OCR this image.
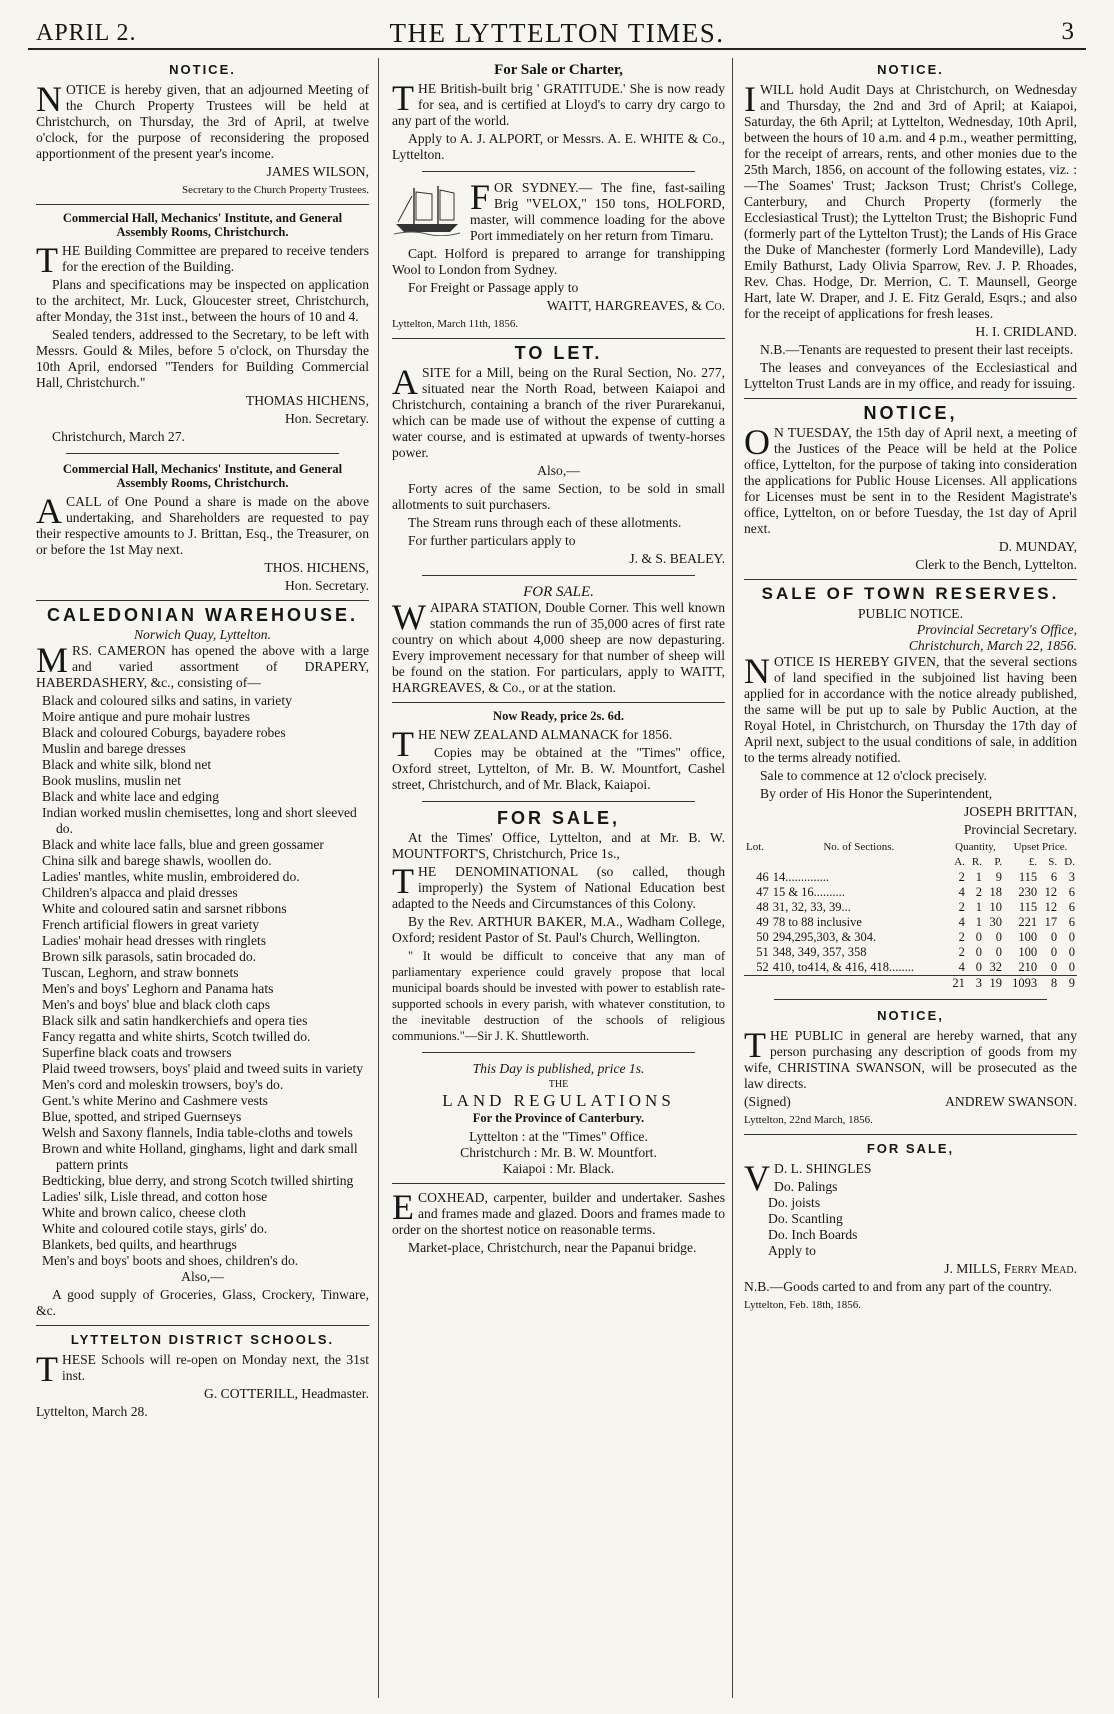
APRIL 2.	THE LYTTELTON TIMES.	3
NOTICE.

NOTICE is hereby given, that an adjourned Meeting of the Church Property Trustees will be held at Christchurch, on Thursday, the 3rd of April, at twelve o'clock, for the purpose of reconsidering the proposed apportionment of the present year's income.

JAMES WILSON,

Secretary to the Church Property Trustees.

Commercial Hall, Mechanics' Institute, and General Assembly Rooms, Christchurch.

THE Building Committee are prepared to receive tenders for the erection of the Building.

Plans and specifications may be inspected on application to the architect, Mr. Luck, Gloucester street, Christchurch, after Monday, the 31st inst., between the hours of 10 and 4.

Sealed tenders, addressed to the Secretary, to be left with Messrs. Gould & Miles, before 5 o'clock, on Thursday the 10th April, endorsed "Tenders for Building Commercial Hall, Christchurch."

THOMAS HICHENS,

Hon. Secretary.

Christchurch, March 27.

Commercial Hall, Mechanics' Institute, and General Assembly Rooms, Christchurch.

ACALL of One Pound a share is made on the above undertaking, and Shareholders are requested to pay their respective amounts to J. Brittan, Esq., the Treasurer, on or before the 1st May next.

THOS. HICHENS,

Hon. Secretary.

CALEDONIAN WAREHOUSE.
Norwich Quay, Lyttelton.

MRS. CAMERON has opened the above with a large and varied assortment of DRAPERY, HABERDASHERY, &c., consisting of—

Black and coloured silks and satins, in variety
Moire antique and pure mohair lustres
Black and coloured Coburgs, bayadere robes
Muslin and barege dresses
Black and white silk, blond net
Book muslins, muslin net
Black and white lace and edging
Indian worked muslin chemisettes, long and short sleeved do.
Black and white lace falls, blue and green gossamer
China silk and barege shawls, woollen do.
Ladies' mantles, white muslin, embroidered do.
Children's alpacca and plaid dresses
White and coloured satin and sarsnet ribbons
French artificial flowers in great variety
Ladies' mohair head dresses with ringlets
Brown silk parasols, satin brocaded do.
Tuscan, Leghorn, and straw bonnets
Men's and boys' Leghorn and Panama hats
Men's and boys' blue and black cloth caps
Black silk and satin handkerchiefs and opera ties
Fancy regatta and white shirts, Scotch twilled do.
Superfine black coats and trowsers
Plaid tweed trowsers, boys' plaid and tweed suits in variety
Men's cord and moleskin trowsers, boy's do.
Gent.'s white Merino and Cashmere vests
Blue, spotted, and striped Guernseys
Welsh and Saxony flannels, India table-cloths and towels
Brown and white Holland, ginghams, light and dark small pattern prints
Bedticking, blue derry, and strong Scotch twilled shirting
Ladies' silk, Lisle thread, and cotton hose
White and brown calico, cheese cloth
White and coloured cotile stays, girls' do.
Blankets, bed quilts, and hearthrugs
Men's and boys' boots and shoes, children's do.

Also,—

A good supply of Groceries, Glass, Crockery, Tinware, &c.

LYTTELTON DISTRICT SCHOOLS.

THESE Schools will re-open on Monday next, the 31st inst.

G. COTTERILL, Headmaster.

Lyttelton, March 28.

For Sale or Charter,

THE British-built brig ' GRATITUDE.' She is now ready for sea, and is certified at Lloyd's to carry dry cargo to any part of the world.

Apply to A. J. ALPORT, or Messrs. A. E. WHITE & Co., Lyttelton.

FOR SYDNEY.— The fine, fast-sailing Brig "VELOX," 150 tons, HOLFORD, master, will commence loading for the above Port immediately on her return from Timaru.

Capt. Holford is prepared to arrange for transhipping Wool to London from Sydney.

For Freight or Passage apply to

WAITT, HARGREAVES, & Co.

Lyttelton, March 11th, 1856.

TO LET.

ASITE for a Mill, being on the Rural Section, No. 277, situated near the North Road, between Kaiapoi and Christchurch, containing a branch of the river Purarekanui, which can be made use of without the expense of cutting a water course, and is estimated at upwards of twenty-horses power.

Also,—

Forty acres of the same Section, to be sold in small allotments to suit purchasers.

The Stream runs through each of these allotments.

For further particulars apply to

J. & S. BEALEY.

FOR SALE.

WAIPARA STATION, Double Corner. This well known station commands the run of 35,000 acres of first rate country on which about 4,000 sheep are now depasturing. Every improvement necessary for that number of sheep will be found on the station. For particulars, apply to WAITT, HARGREAVES, & Co., or at the station.

Now Ready, price 2s. 6d.

THE NEW ZEALAND ALMANACK for 1856.

Copies may be obtained at the "Times" office, Oxford street, Lyttelton, of Mr. B. W. Mountfort, Cashel street, Christchurch, and of Mr. Black, Kaiapoi.

FOR SALE,

At the Times' Office, Lyttelton, and at Mr. B. W. MOUNTFORT'S, Christchurch, Price 1s.,

THE DENOMINATIONAL (so called, though improperly) the System of National Education best adapted to the Needs and Circumstances of this Colony.

By the Rev. ARTHUR BAKER, M.A., Wadham College, Oxford; resident Pastor of St. Paul's Church, Wellington.

" It would be difficult to conceive that any man of parliamentary experience could gravely propose that local municipal boards should be invested with power to establish rate-supported schools in every parish, with whatever constitution, to the inevitable destruction of the schools of religious communions."—Sir J. K. Shuttleworth.

This Day is published, price 1s.
THE
LAND REGULATIONS
For the Province of Canterbury.
Lyttelton : at the "Times" Office.
Christchurch : Mr. B. W. Mountfort.
Kaiapoi : Mr. Black.

ECOXHEAD, carpenter, builder and undertaker. Sashes and frames made and glazed. Doors and frames made to order on the shortest notice on reasonable terms.

Market-place, Christchurch, near the Papanui bridge.

NOTICE.

IWILL hold Audit Days at Christchurch, on Wednesday and Thursday, the 2nd and 3rd of April; at Kaiapoi, Saturday, the 6th April; at Lyttelton, Wednesday, 10th April, between the hours of 10 a.m. and 4 p.m., weather permitting, for the receipt of arrears, rents, and other monies due to the 25th March, 1856, on account of the following estates, viz. :—The Soames' Trust; Jackson Trust; Christ's College, Canterbury, and Church Property (formerly the Ecclesiastical Trust); the Lyttelton Trust; the Bishopric Fund (formerly part of the Lyttelton Trust); the Lands of His Grace the Duke of Manchester (formerly Lord Mandeville), Lady Emily Bathurst, Lady Olivia Sparrow, Rev. J. P. Rhoades, Rev. Chas. Hodge, Dr. Merrion, C. T. Maunsell, George Hart, late W. Draper, and J. E. Fitz Gerald, Esqrs.; and also for the receipt of applications for fresh leases.

H. I. CRIDLAND.

N.B.—Tenants are requested to present their last receipts.

The leases and conveyances of the Ecclesiastical and Lyttelton Trust Lands are in my office, and ready for issuing.

NOTICE,

O N TUESDAY, the 15th day of April next, a meeting of the Justices of the Peace will be held at the Police office, Lyttelton, for the purpose of taking into consideration the applications for Public House Licenses. All applications for Licenses must be sent in to the Resident Magistrate's office, Lyttelton, on or before Tuesday, the 1st day of April next.

D. MUNDAY,

Clerk to the Bench, Lyttelton.

SALE OF TOWN RESERVES.
PUBLIC NOTICE.
Provincial Secretary's Office,
Christchurch, March 22, 1856.

NOTICE IS HEREBY GIVEN, that the several sections of land specified in the subjoined list having been applied for in accordance with the notice already published, the same will be put up to sale by Public Auction, at the Royal Hotel, in Christchurch, on Thursday the 17th day of April next, subject to the usual conditions of sale, in addition to the terms already notified.

Sale to commence at 12 o'clock precisely.

By order of His Honor the Superintendent,

JOSEPH BRITTAN,

Provincial Secretary.

Lot.	No. of Sections.	Quantity,			Upset Price.		
		A.	R.	P.	£.	S.	D.
46	14..............	2	1	9	115	6	3
47	15 & 16..........	4	2	18	230	12	6
48	31, 32, 33, 39...	2	1	10	115	12	6
49	78 to 88 inclusive	4	1	30	221	17	6
50	294,295,303, & 304.	2	0	0	100	0	0
51	348, 349, 357, 358	2	0	0	100	0	0
52	410, to414, & 416, 418........	4	0	32	210	0	0
		21	3	19	1093	8	9
NOTICE,

THE PUBLIC in general are hereby warned, that any person purchasing any description of goods from my wife, CHRISTINA SWANSON, will be prosecuted as the law directs.

(Signed)	ANDREW SWANSON.

Lyttelton, 22nd March, 1856.

FOR SALE,

V D. L. SHINGLES

Do. Palings
Do. joists
Do. Scantling
Do. Inch Boards

Apply to

J. MILLS, Ferry Mead.

N.B.—Goods carted to and from any part of the country.

Lyttelton, Feb. 18th, 1856.
